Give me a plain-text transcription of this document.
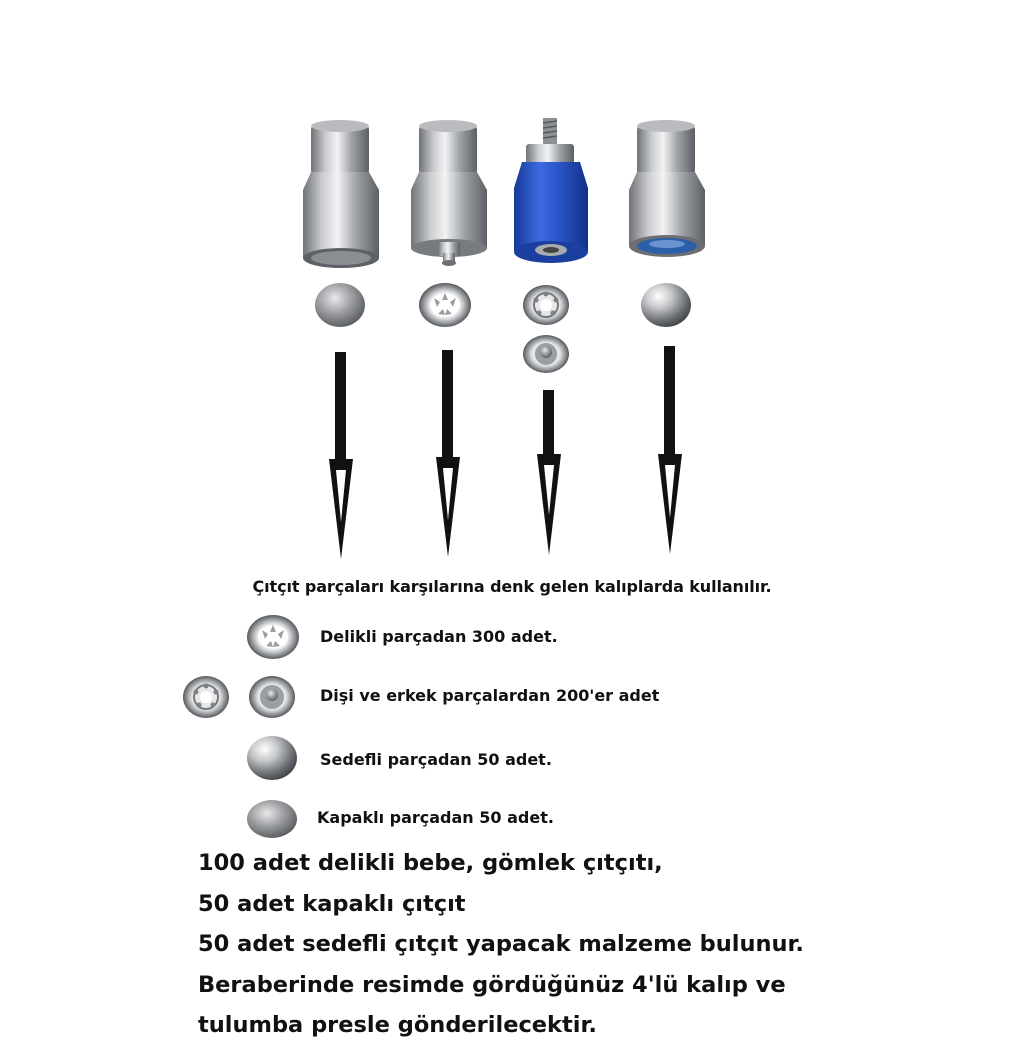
Çıtçıt parçaları karşılarına denk gelen kalıplarda kullanılır.
Delikli parçadan 300 adet.
Dişi ve erkek parçalardan 200'er adet
Sedefli parçadan 50 adet.
Kapaklı parçadan 50 adet.
100 adet delikli bebe, gömlek çıtçıtı,
50 adet kapaklı çıtçıt
50 adet sedefli çıtçıt yapacak malzeme bulunur.
Beraberinde resimde gördüğünüz 4'lü kalıp ve
tulumba presle gönderilecektir.
